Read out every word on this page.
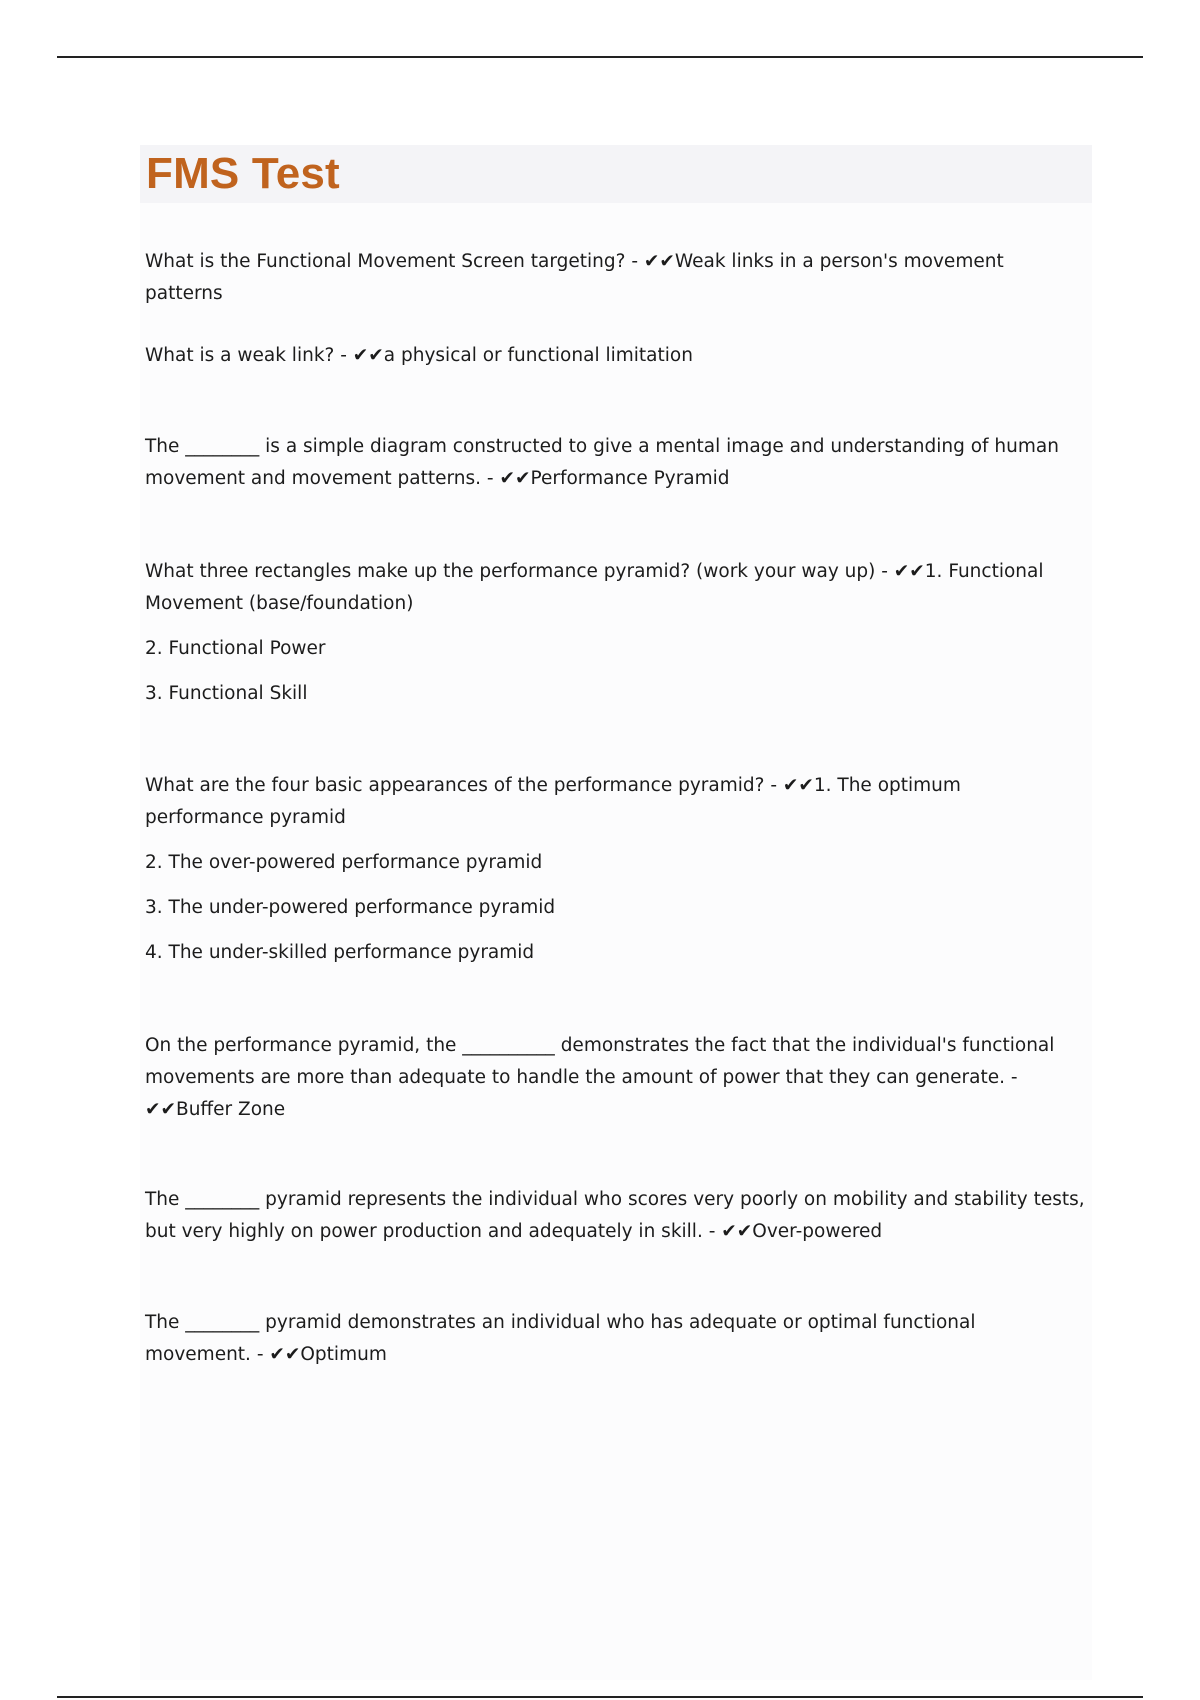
FMS Test

What is the Functional Movement Screen targeting? - ✔✔Weak links in a person's movement patterns

What is a weak link? - ✔✔a physical or functional limitation

The ________ is a simple diagram constructed to give a mental image and understanding of human movement and movement patterns. - ✔✔Performance Pyramid

What three rectangles make up the performance pyramid? (work your way up) - ✔✔1. Functional Movement (base/foundation)

2. Functional Power

3. Functional Skill

What are the four basic appearances of the performance pyramid? - ✔✔1. The optimum performance pyramid

2. The over-powered performance pyramid

3. The under-powered performance pyramid

4. The under-skilled performance pyramid

On the performance pyramid, the __________ demonstrates the fact that the individual's functional movements are more than adequate to handle the amount of power that they can generate. - ✔✔Buffer Zone

The ________ pyramid represents the individual who scores very poorly on mobility and stability tests, but very highly on power production and adequately in skill. - ✔✔Over-powered

The ________ pyramid demonstrates an individual who has adequate or optimal functional movement. - ✔✔Optimum
